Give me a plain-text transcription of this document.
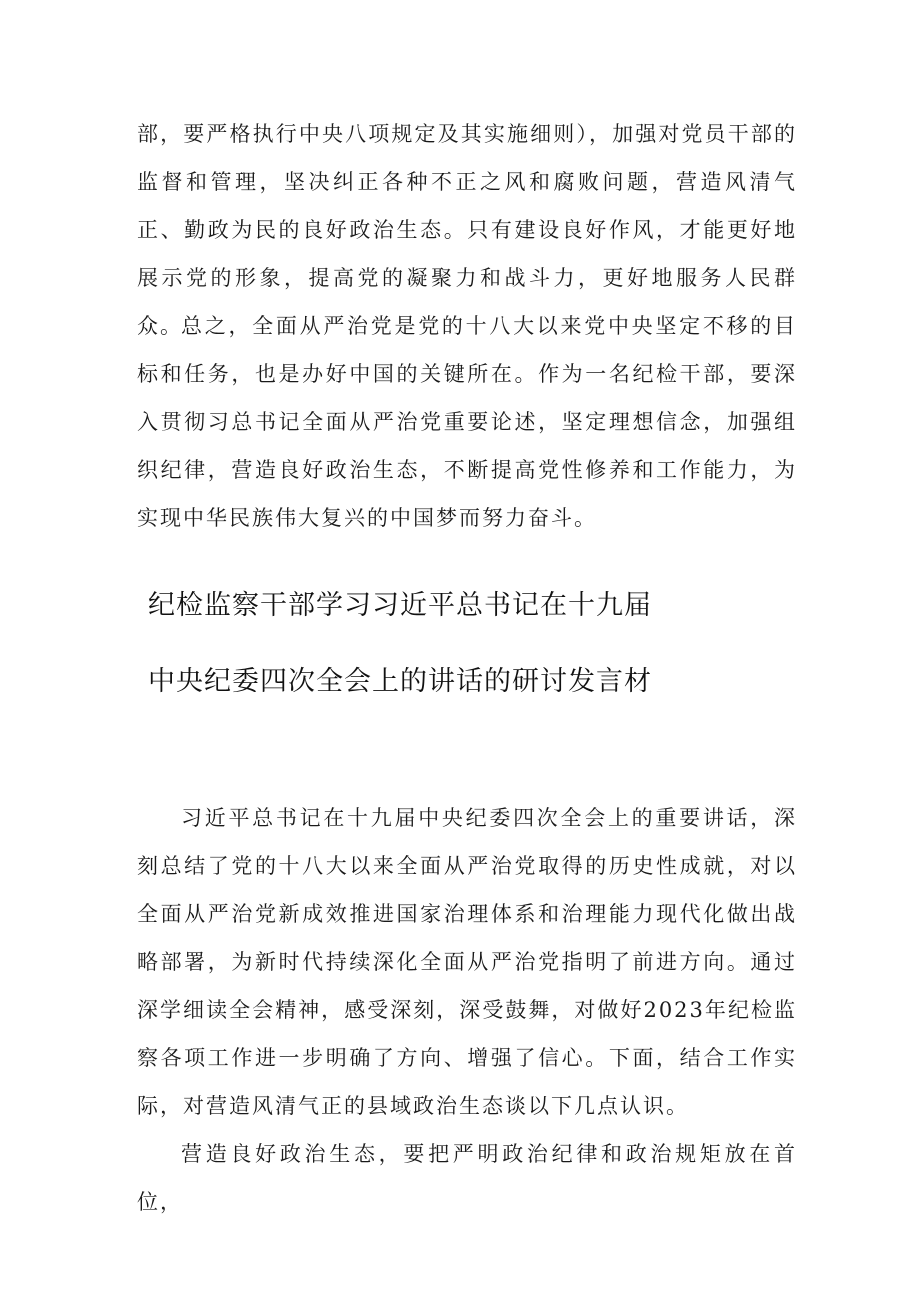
部，要严格执行中央八项规定及其实施细则），加强对党员干部的监督和管理，坚决纠正各种不正之风和腐败问题，营造风清气正、勤政为民的良好政治生态。只有建设良好作风，才能更好地展示党的形象，提高党的凝聚力和战斗力，更好地服务人民群众。

总之，全面从严治党是党的十八大以来党中央坚定不移的目标和任务，也是办好中国的关键所在。作为一名纪检干部，要深入贯彻习总书记全面从严治党重要论述，坚定理想信念，加强组织纪律，营造良好政治生态，不断提高党性修养和工作能力，为实现中华民族伟大复兴的中国梦而努力奋斗。

纪检监察干部学习习近平总书记在十九届
中央纪委四次全会上的讲话的研讨发言材

习近平总书记在十九届中央纪委四次全会上的重要讲话，深刻总结了党的十八大以来全面从严治党取得的历史性成就，对以全面从严治党新成效推进国家治理体系和治理能力现代化做出战略部署，为新时代持续深化全面从严治党指明了前进方向。通过深学细读全会精神，感受深刻，深受鼓舞，对做好2023年纪检监察各项工作进一步明确了方向、增强了信心。下面，结合工作实际，对营造风清气正的县域政治生态谈以下几点认识。

营造良好政治生态，要把严明政治纪律和政治规矩放在首位，
